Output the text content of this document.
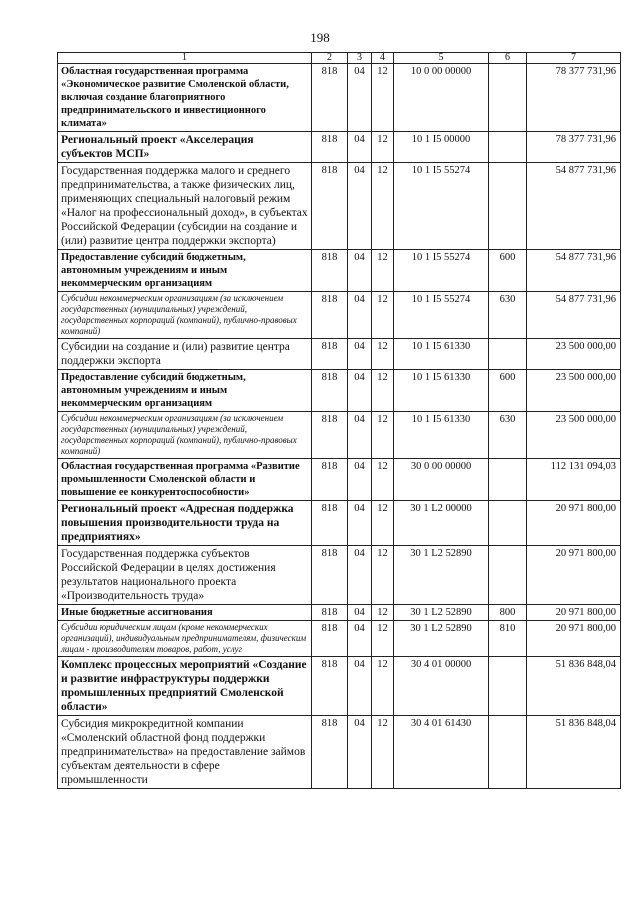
198
1	2	3	4	5	6	7
Областная государственная программа «Экономическое развитие Смоленской области, включая создание благоприятного предпринимательского и инвестиционного климата»	818	04	12	10 0 00 00000		78 377 731,96
Региональный проект «Акселерация субъектов МСП»	818	04	12	10 1 I5 00000		78 377 731,96
Государственная поддержка малого и среднего предпринимательства, а также физических лиц, применяющих специальный налоговый режим «Налог на профессиональный доход», в субъектах Российской Федерации (субсидии на создание и (или) развитие центра поддержки экспорта)	818	04	12	10 1 I5 55274		54 877 731,96
Предоставление субсидий бюджетным, автономным учреждениям и иным некоммерческим организациям	818	04	12	10 1 I5 55274	600	54 877 731,96
Субсидии некоммерческим организациям (за исключением государственных (муниципальных) учреждений, государственных корпораций (компаний), публично-правовых компаний)	818	04	12	10 1 I5 55274	630	54 877 731,96
Субсидии на создание и (или) развитие центра поддержки экспорта	818	04	12	10 1 I5 61330		23 500 000,00
Предоставление субсидий бюджетным, автономным учреждениям и иным некоммерческим организациям	818	04	12	10 1 I5 61330	600	23 500 000,00
Субсидии некоммерческим организациям (за исключением государственных (муниципальных) учреждений, государственных корпораций (компаний), публично-правовых компаний)	818	04	12	10 1 I5 61330	630	23 500 000,00
Областная государственная программа «Развитие промышленности Смоленской области и повышение ее конкурентоспособности»	818	04	12	30 0 00 00000		112 131 094,03
Региональный проект «Адресная поддержка повышения производительности труда на предприятиях»	818	04	12	30 1 L2 00000		20 971 800,00
Государственная поддержка субъектов Российской Федерации в целях достижения результатов национального проекта «Производительность труда»	818	04	12	30 1 L2 52890		20 971 800,00
Иные бюджетные ассигнования	818	04	12	30 1 L2 52890	800	20 971 800,00
Субсидии юридическим лицам (кроме некоммерческих организаций), индивидуальным предпринимателям, физическим лицам - производителям товаров, работ, услуг	818	04	12	30 1 L2 52890	810	20 971 800,00
Комплекс процессных мероприятий «Создание и развитие инфраструктуры поддержки промышленных предприятий Смоленской области»	818	04	12	30 4 01 00000		51 836 848,04
Субсидия микрокредитной компании «Смоленский областной фонд поддержки предпринимательства» на предоставление займов субъектам деятельности в сфере промышленности	818	04	12	30 4 01 61430		51 836 848,04
